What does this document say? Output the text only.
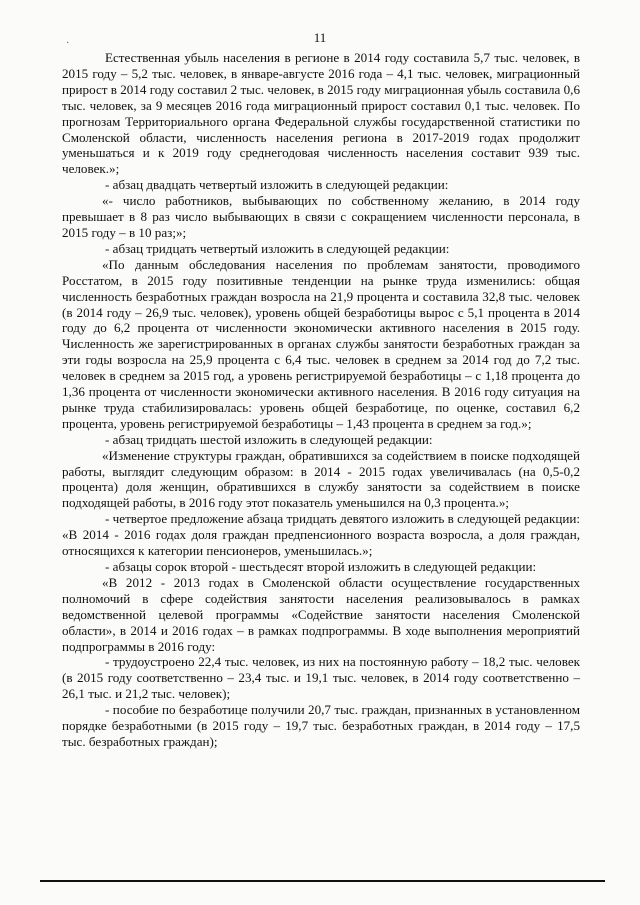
11
·

Естественная убыль населения в регионе в 2014 году составила 5,7 тыс. человек, в 2015 году – 5,2 тыс. человек, в январе-августе 2016 года – 4,1 тыс. человек, миграционный прирост в 2014 году составил 2 тыс. человек, в 2015 году миграционная убыль составила 0,6 тыс. человек, за 9 месяцев 2016 года миграционный прирост составил 0,1 тыс. человек. По прогнозам Территориального органа Федеральной службы государственной статистики по Смоленской области, численность населения региона в 2017-2019 годах продолжит уменьшаться и к 2019 году среднегодовая численность населения составит 939 тыс. человек.»;

- абзац двадцать четвертый изложить в следующей редакции:

«- число работников, выбывающих по собственному желанию, в 2014 году превышает в 8 раз число выбывающих в связи с сокращением численности персонала, в 2015 году – в 10 раз;»;

- абзац тридцать четвертый изложить в следующей редакции:

«По данным обследования населения по проблемам занятости, проводимого Росстатом, в 2015 году позитивные тенденции на рынке труда изменились: общая численность безработных граждан возросла на 21,9 процента и составила 32,8 тыс. человек (в 2014 году – 26,9 тыс. человек), уровень общей безработицы вырос с 5,1 процента в 2014 году до 6,2 процента от численности экономически активного населения в 2015 году. Численность же зарегистрированных в органах службы занятости безработных граждан за эти годы возросла на 25,9 процента с 6,4 тыс. человек в среднем за 2014 год до 7,2 тыс. человек в среднем за 2015 год, а уровень регистрируемой безработицы – с 1,18 процента до 1,36 процента от численности экономически активного населения. В 2016 году ситуация на рынке труда стабилизировалась: уровень общей безработице, по оценке, составил 6,2 процента, уровень регистрируемой безработицы – 1,43 процента в среднем за год.»;

- абзац тридцать шестой изложить в следующей редакции:

«Изменение структуры граждан, обратившихся за содействием в поиске подходящей работы, выглядит следующим образом: в 2014 - 2015 годах увеличивалась (на 0,5-0,2 процента) доля женщин, обратившихся в службу занятости за содействием в поиске подходящей работы, в 2016 году этот показатель уменьшился на 0,3 процента.»;

- четвертое предложение абзаца тридцать девятого изложить в следующей редакции: «В 2014 - 2016 годах доля граждан предпенсионного возраста возросла, а доля граждан, относящихся к категории пенсионеров, уменьшилась.»;

- абзацы сорок второй - шестьдесят второй изложить в следующей редакции:

«В 2012 - 2013 годах в Смоленской области осуществление государственных полномочий в сфере содействия занятости населения реализовывалось в рамках ведомственной целевой программы «Содействие занятости населения Смоленской области», в 2014 и 2016 годах – в рамках подпрограммы. В ходе выполнения мероприятий подпрограммы в 2016 году:

- трудоустроено 22,4 тыс. человек, из них на постоянную работу – 18,2 тыс. человек (в 2015 году соответственно – 23,4 тыс. и 19,1 тыс. человек, в 2014 году соответственно – 26,1 тыс. и 21,2 тыс. человек);

- пособие по безработице получили 20,7 тыс. граждан, признанных в установленном порядке безработными (в 2015 году – 19,7 тыс. безработных граждан, в 2014 году – 17,5 тыс. безработных граждан);
